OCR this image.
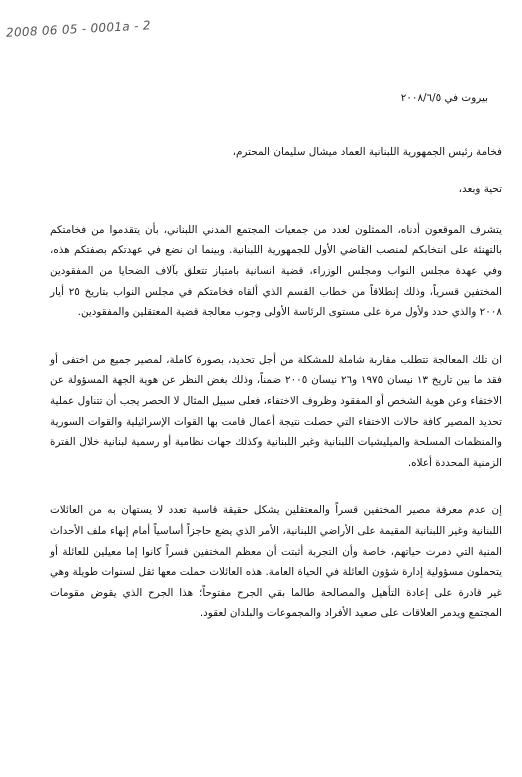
2008 06 05 - 0001a - 2

بيروت في ٢٠٠٨/٦/٥

فخامة رئيس الجمهورية اللبنانية العماد ميشال سليمان المحترم،

تحية وبعد،

يتشرف الموقعون أدناه، الممثلون لعدد من جمعيات المجتمع المدني اللبناني، بأن يتقدموا من فخامتكم بالتهنئة على انتخابكم لمنصب القاضي الأول للجمهورية اللبنانية. وبينما ان نضع في عهدتكم بصفتكم هذه، وفي عهدة مجلس النواب ومجلس الوزراء، قضية انسانية بامتياز تتعلق بآلاف الضحايا من المفقودين المختفين قسرياً، وذلك إنطلاقاً من خطاب القسم الذي ألقاه فخامتكم في مجلس النواب بتاريخ ٢٥ أيار ٢٠٠٨ والذي حدد ولأول مرة على مستوى الرئاسة الأولى وجوب معالجة قضية المعتقلين والمفقودين.

ان تلك المعالجة تتطلب مقاربة شاملة للمشكلة من أجل تحديد، بصورة كاملة، لمصير جميع من اختفى أو فقد ما بين تاريخ ١٣ نيسان ١٩٧٥ و٢٦ نيسان ٢٠٠٥ ضمناً، وذلك بغض النظر عن هوية الجهة المسؤولة عن الاختفاء وعن هوية الشخص أو المفقود وظروف الاختفاء، فعلى سبيل المثال لا الحصر يجب أن تتناول عملية تحديد المصير كافة حالات الاختفاء التي حصلت نتيجة أعمال قامت بها القوات الإسرائيلية والقوات السورية والمنظمات المسلحة والميليشيات اللبنانية وغير اللبنانية وكذلك جهات نظامية أو رسمية لبنانية خلال الفترة الزمنية المحددة أعلاه.

إن عدم معرفة مصير المختفين قسراً والمعتقلين يشكل حقيقة قاسية تعدد لا يستهان به من العائلات اللبنانية وغير اللبنانية المقيمة على الأراضي اللبنانية، الأمر الذي يضع حاجزاً أساسياً أمام إنهاء ملف الأحداث المنية التي دمرت حياتهم، خاصة وأن التجربة أثبتت أن معظم المختفين قسراً كانوا إما معيلين للعائلة أو يتحملون مسؤولية إدارة شؤون العائلة في الحياة العامة. هذه العائلات حملت معها ثقل لسنوات طويلة وهي غير قادرة على إعادة التأهيل والمصالحة طالما بقي الجرح مفتوحاً؛ هذا الجرح الذي يقوض مقومات المجتمع ويدمر العلاقات على صعيد الأفراد والمجموعات والبلدان لعقود.
